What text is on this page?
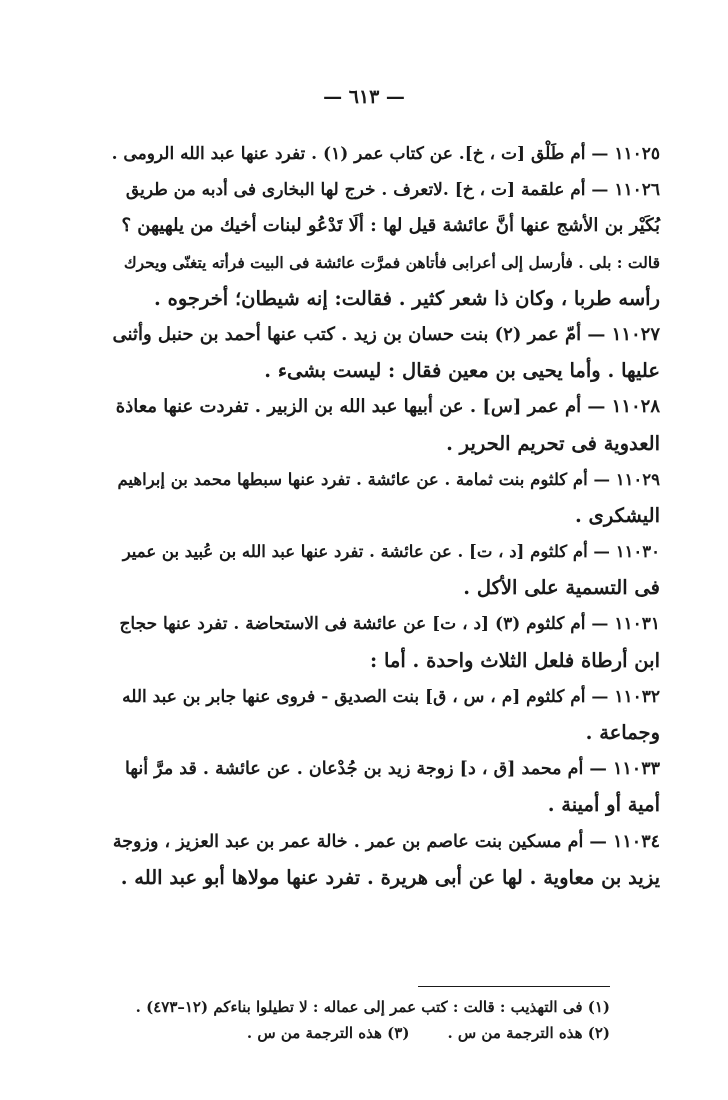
— ٦١٣ —
١١٠٢٥ — أم طَلْق [ت ، خ]. عن كتاب عمر (١) . تفرد عنها عبد الله الرومى .
١١٠٢٦ — أم علقمة [ت ، خ] .لاتعرف . خرج لها البخارى فى أدبه من طريق
بُكَيْر بن الأشج عنها أنَّ عائشة قيل لها : ألَا تَدْعُو لبنات أخيك من يلهيهن ؟
قالت : بلى . فأرسل إلى أعرابى فأتاهن فمرَّت عائشة فى البيت فرأته يتغنّى ويحرك
رأسه طربا ، وكان ذا شعر كثير . فقالت: إنه شيطان؛ أخرجوه .
١١٠٢٧ — أمّ عمر (٢) بنت حسان بن زيد . كتب عنها أحمد بن حنبل وأثنى
عليها . وأما يحيى بن معين فقال : ليست بشىء .
١١٠٢٨ — أم عمر [س] . عن أبيها عبد الله بن الزبير . تفردت عنها معاذة
العدوية فى تحريم الحرير .
١١٠٢٩ — أم كلثوم بنت ثمامة . عن عائشة . تفرد عنها سبطها محمد بن إبراهيم
اليشكرى .
١١٠٣٠ — أم كلثوم [د ، ت] . عن عائشة . تفرد عنها عبد الله بن عُبيد بن عمير
فى التسمية على الأكل .
١١٠٣١ — أم كلثوم (٣) [د ، ت] عن عائشة فى الاستحاضة . تفرد عنها حجاج
ابن أرطاة فلعل الثلاث واحدة . أما :
١١٠٣٢ — أم كلثوم [م ، س ، ق] بنت الصديق - فروى عنها جابر بن عبد الله
وجماعة .
١١٠٣٣ — أم محمد [ق ، د] زوجة زيد بن جُدْعان . عن عائشة . قد مرَّ أنها
أمية أو أمينة .
١١٠٣٤ — أم مسكين بنت عاصم بن عمر . خالة عمر بن عبد العزيز ، وزوجة
يزيد بن معاوية . لها عن أبى هريرة . تفرد عنها مولاها أبو عبد الله .
(١) فى التهذيب : قالت : كتب عمر إلى عماله : لا تطيلوا بناءكم (١٢–٤٧٣) .
(٢) هذه الترجمة من س .(٣) هذه الترجمة من س .
